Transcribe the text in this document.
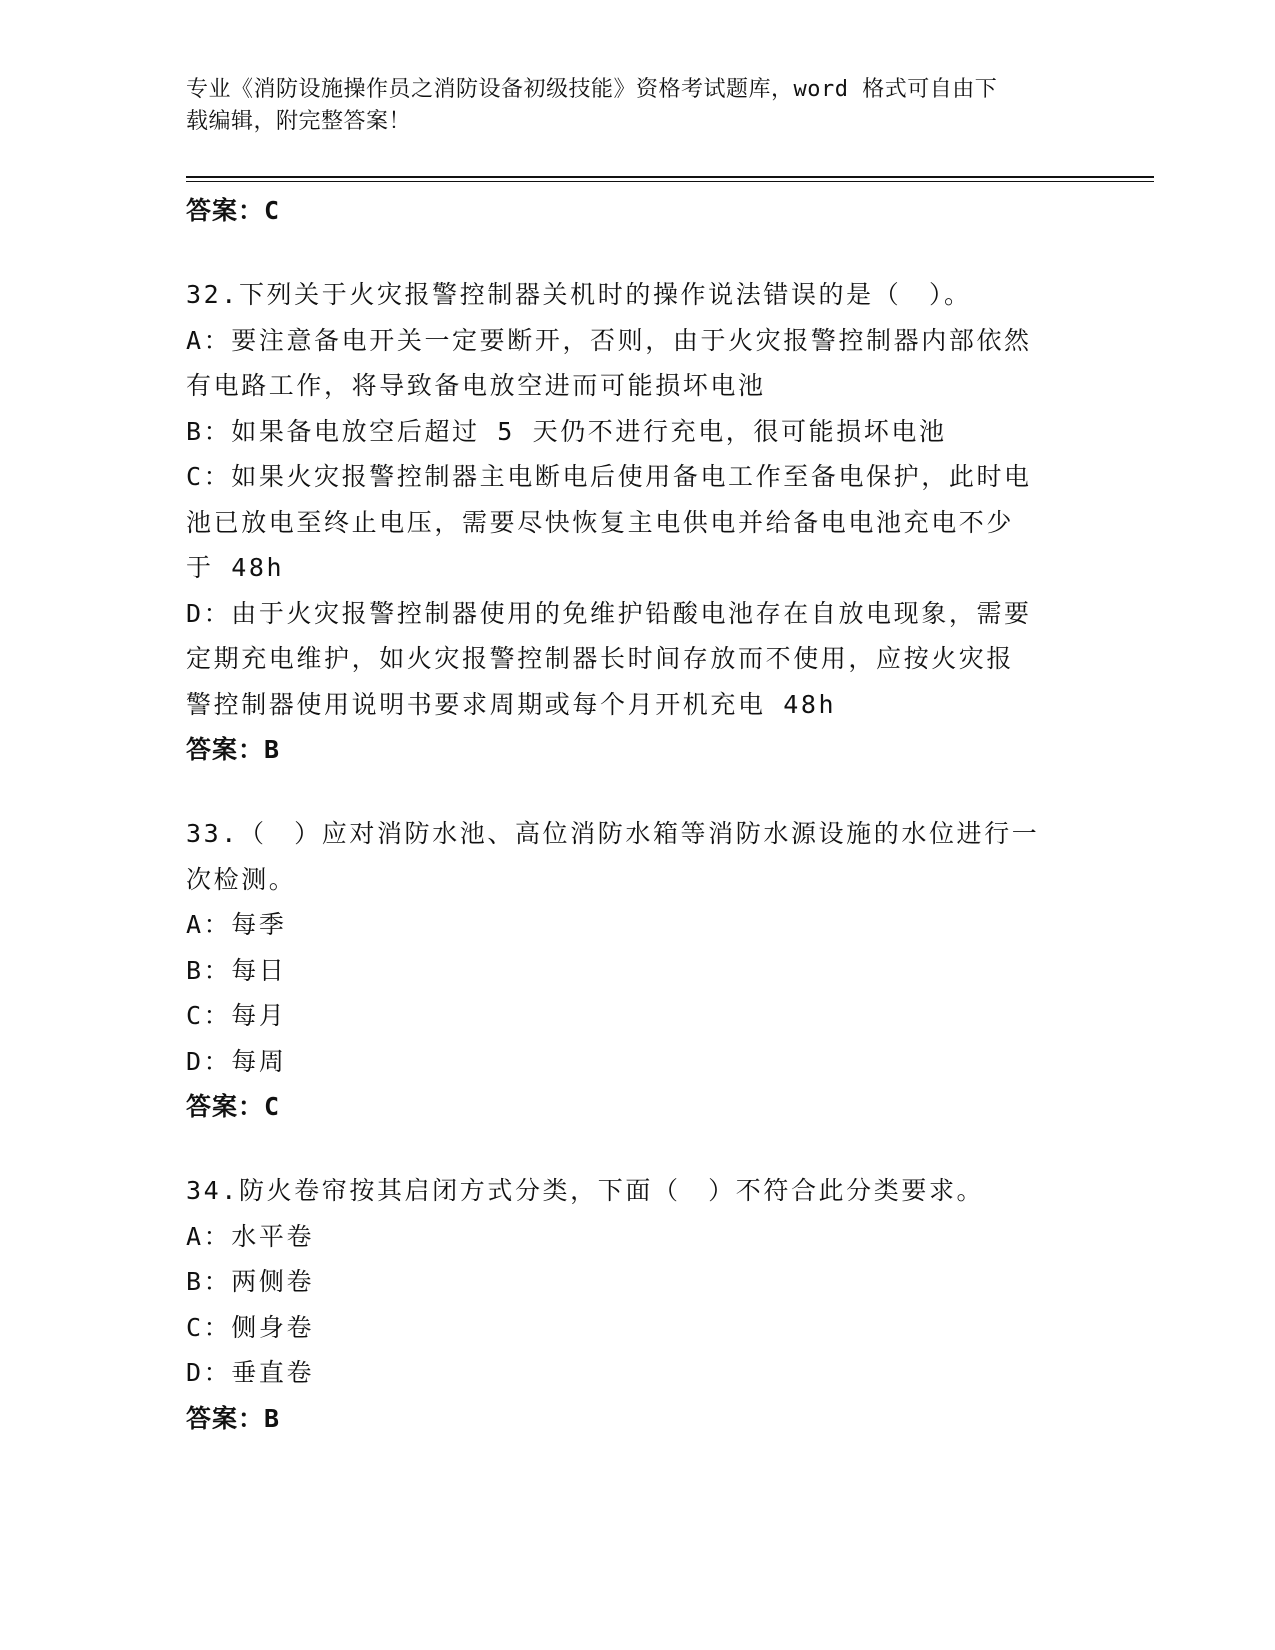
专业《消防设施操作员之消防设备初级技能》资格考试题库，word 格式可自由下
载编辑，附完整答案！
答案：C
32.下列关于火灾报警控制器关机时的操作说法错误的是（　）。
A：要注意备电开关一定要断开，否则，由于火灾报警控制器内部依然
有电路工作，将导致备电放空进而可能损坏电池
B：如果备电放空后超过 5 天仍不进行充电，很可能损坏电池
C：如果火灾报警控制器主电断电后使用备电工作至备电保护，此时电
池已放电至终止电压，需要尽快恢复主电供电并给备电电池充电不少
于 48h
D：由于火灾报警控制器使用的免维护铅酸电池存在自放电现象，需要
定期充电维护，如火灾报警控制器长时间存放而不使用，应按火灾报
警控制器使用说明书要求周期或每个月开机充电 48h
答案：B
33.（　）应对消防水池、高位消防水箱等消防水源设施的水位进行一
次检测。
A：每季
B：每日
C：每月
D：每周
答案：C
34.防火卷帘按其启闭方式分类，下面（　）不符合此分类要求。
A：水平卷
B：两侧卷
C：侧身卷
D：垂直卷
答案：B
